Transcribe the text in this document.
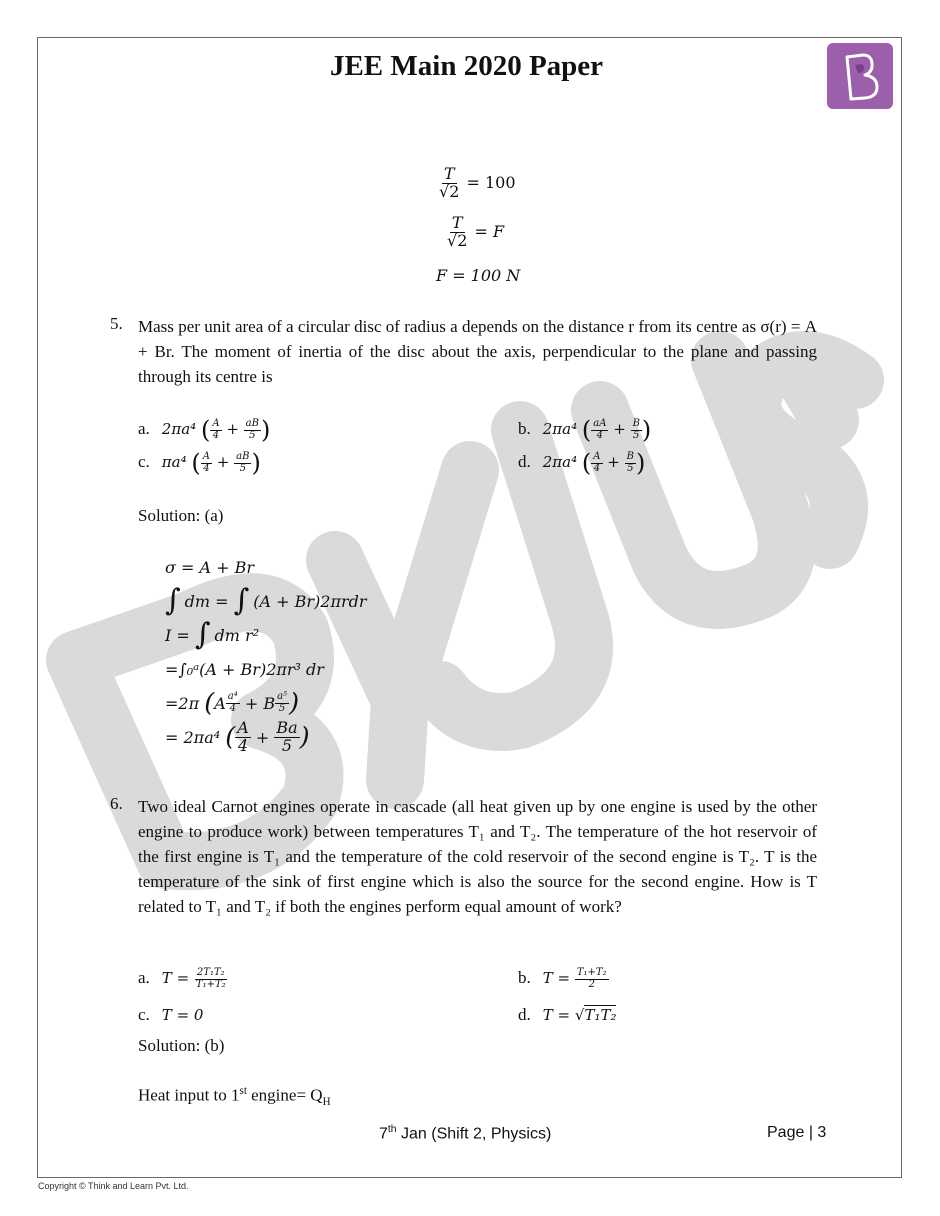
JEE Main 2020 Paper
$\frac{T}{√2} = 100$
$\frac{T}{√2} = F$
F = 100 N
5. Mass per unit area of a circular disc of radius a depends on the distance r from its centre as σ(r) = A + Br. The moment of inertia of the disc about the axis, perpendicular to the plane and passing through its centre is
a. 2πa⁴ ( $\frac{A}{4} + \frac{aB}{5}$ )	b. 2πa⁴ ( $\frac{aA}{4} + \frac{B}{5}$ )
c. πa⁴ ( $\frac{A}{4} + \frac{aB}{5}$ )	d. 2πa⁴ ( $\frac{A}{4} + \frac{B}{5}$ )
Solution: (a)
σ = A + Br
∫ dm =
∫ (A + Br)2πrdr
I =
∫ dm r²
=∫₀ᵃ(A + Br)2πr³ dr
=2π
( A $\frac{\text{a⁴}}{4}$
+ B $\frac{\text{a⁵}}{5}$ )
= 2πa⁴
( $\frac{A}{4} + \frac{Ba}{5}$ )
6. Two ideal Carnot engines operate in cascade (all heat given up by one engine is used by the other engine to produce work) between temperatures T₁ and T₂. The temperature of the hot reservoir of the first engine is T₁ and the temperature of the cold reservoir of the second engine is T₂. T is the temperature of the sink of first engine which is also the source for the second engine. How is T related to T₁ and T₂ if both the engines perform equal amount of work?
a. $T = \frac{\text{2T₁T₂}}{\text{T₁+T₂}}$	b. $T = \frac{\text{T₁+T₂}}{2}$
c. T = 0	d. T = √T₁T₂
Solution: (b)
Heat input to 1st engine= $Q_H$
7th Jan (Shift 2, Physics)	Page | 3
Copyright © Think and Learn Pvt. Ltd.
